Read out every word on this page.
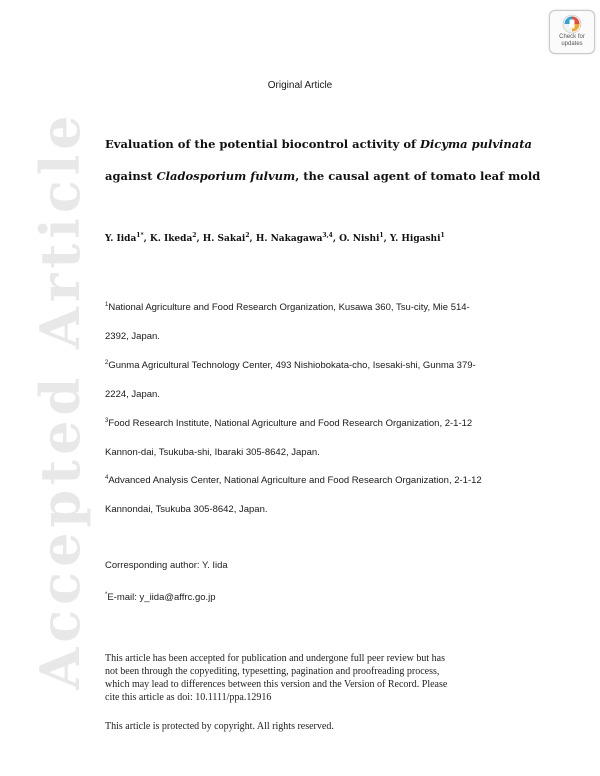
Accepted Article
Check for
updates
Original Article
Evaluation of the potential biocontrol activity of Dicyma pulvinata
against Cladosporium fulvum, the causal agent of tomato leaf mold
Y. Iida$^{1*}$, K. Ikeda$^2$, H. Sakai$^2$, H. Nakagawa$^{3,4}$, O. Nishi$^1$, Y. Higashi$^1$
$^1$National Agriculture and Food Research Organization, Kusawa 360, Tsu-city, Mie 514-
2392, Japan.
$^2$Gunma Agricultural Technology Center, 493 Nishiobokata-cho, Isesaki-shi, Gunma 379-
2224, Japan.
$^3$Food Research Institute, National Agriculture and Food Research Organization, 2-1-12
Kannon-dai, Tsukuba-shi, Ibaraki 305-8642, Japan.
$^4$Advanced Analysis Center, National Agriculture and Food Research Organization, 2-1-12
Kannondai, Tsukuba 305-8642, Japan.
Corresponding author: Y. Iida
*E-mail: y_iida@affrc.go.jp
This article has been accepted for publication and undergone full peer review but has
not been through the copyediting, typesetting, pagination and proofreading process,
which may lead to differences between this version and the Version of Record. Please
cite this article as doi: 10.1111/ppa.12916
This article is protected by copyright. All rights reserved.
